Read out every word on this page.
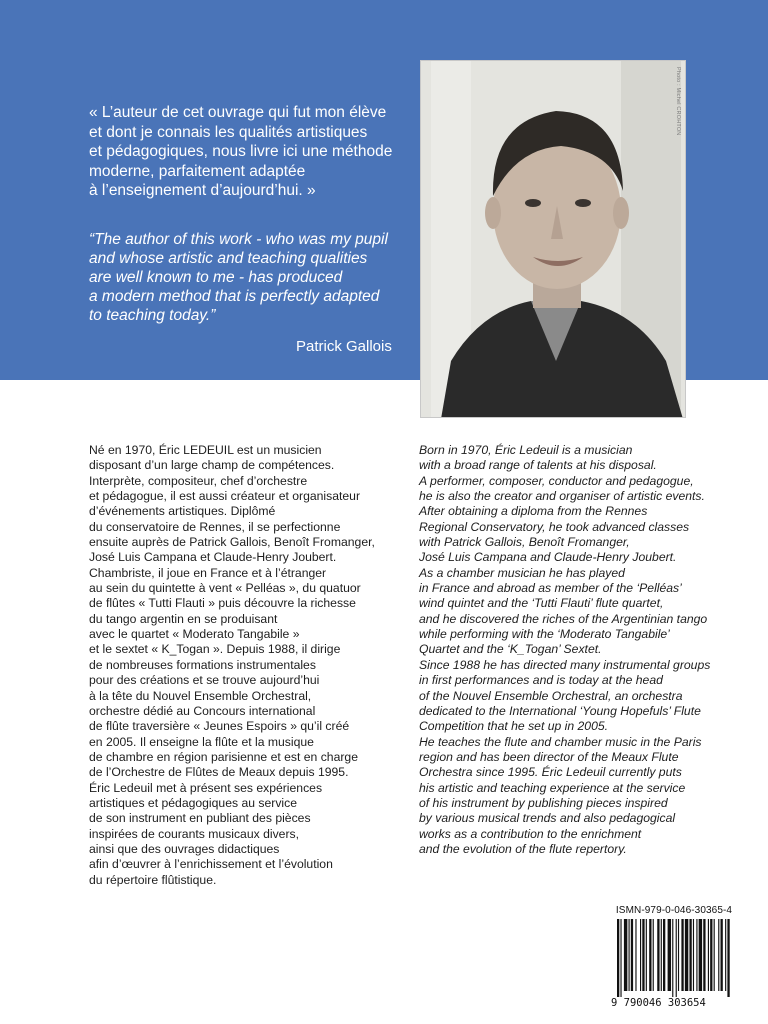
« L’auteur de cet ouvrage qui fut mon élève
et dont je connais les qualités artistiques
et pédagogiques, nous livre ici une méthode
moderne, parfaitement adaptée
à l’enseignement d’aujourd’hui. »
“The author of this work - who was my pupil
and whose artistic and teaching qualities
are well known to me - has produced
a modern method that is perfectly adapted
to teaching today.”
Patrick Gallois
Photo : Michel CROHTON
Né en 1970, Éric LEDEUIL est un musicien
disposant d’un large champ de compétences.
Interprète, compositeur, chef d’orchestre
et pédagogue, il est aussi créateur et organisateur
d’événements artistiques. Diplômé
du conservatoire de Rennes, il se perfectionne
ensuite auprès de Patrick Gallois, Benoît Fromanger,
José Luis Campana et Claude-Henry Joubert.
Chambriste, il joue en France et à l’étranger
au sein du quintette à vent « Pelléas », du quatuor
de flûtes « Tutti Flauti » puis découvre la richesse
du tango argentin en se produisant
avec le quartet « Moderato Tangabile »
et le sextet « K_Togan ». Depuis 1988, il dirige
de nombreuses formations instrumentales
pour des créations et se trouve aujourd’hui
à la tête du Nouvel Ensemble Orchestral,
orchestre dédié au Concours international
de flûte traversière « Jeunes Espoirs » qu’il créé
en 2005. Il enseigne la flûte et la musique
de chambre en région parisienne et est en charge
de l’Orchestre de Flûtes de Meaux depuis 1995.
Éric Ledeuil met à présent ses expériences
artistiques et pédagogiques au service
de son instrument en publiant des pièces
inspirées de courants musicaux divers,
ainsi que des ouvrages didactiques
afin d’œuvrer à l’enrichissement et l’évolution
du répertoire flûtistique.
Born in 1970, Éric Ledeuil is a musician
with a broad range of talents at his disposal.
A performer, composer, conductor and pedagogue,
he is also the creator and organiser of artistic events.
After obtaining a diploma from the Rennes
Regional Conservatory, he took advanced classes
with Patrick Gallois, Benoît Fromanger,
José Luis Campana and Claude-Henry Joubert.
As a chamber musician he has played
in France and abroad as member of the ‘Pelléas’
wind quintet and the ‘Tutti Flauti’ flute quartet,
and he discovered the riches of the Argentinian tango
while performing with the ‘Moderato Tangabile’
Quartet and the ‘K_Togan’ Sextet.
Since 1988 he has directed many instrumental groups
in first performances and is today at the head
of the Nouvel Ensemble Orchestral, an orchestra
dedicated to the International ‘Young Hopefuls’ Flute
Competition that he set up in 2005.
He teaches the flute and chamber music in the Paris
region and has been director of the Meaux Flute
Orchestra since 1995. Éric Ledeuil currently puts
his artistic and teaching experience at the service
of his instrument by publishing pieces inspired
by various musical trends and also pedagogical
works as a contribution to the enrichment
and the evolution of the flute repertory.
ISMN-979-0-046-30365-4
9 790046 303654
